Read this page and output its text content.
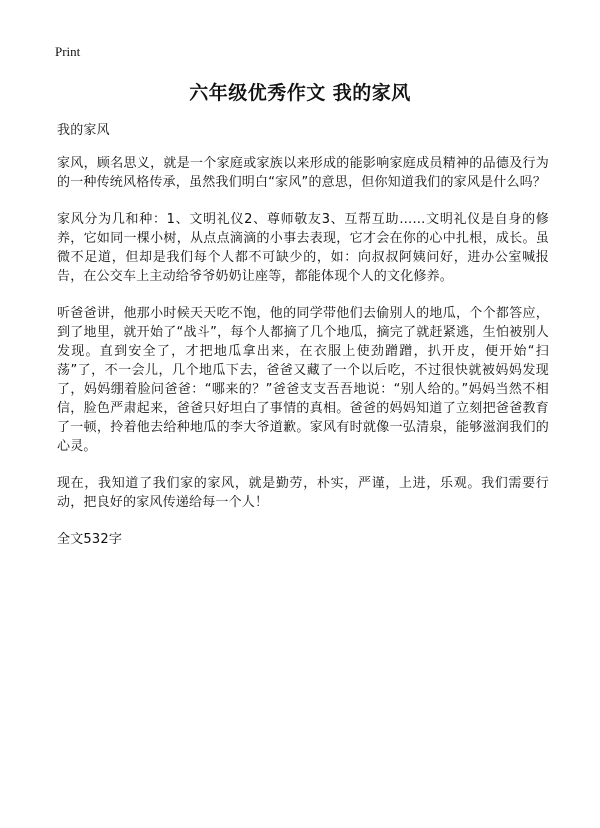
Print
六年级优秀作文 我的家风

我的家风

家风，顾名思义，就是一个家庭或家族以来形成的能影响家庭成员精神的品德及行为的一种传统风格传承，虽然我们明白“家风”的意思，但你知道我们的家风是什么吗？

家风分为几和种：1、文明礼仪2、尊师敬友3、互帮互助……文明礼仪是自身的修养，它如同一棵小树，从点点滴滴的小事去表现，它才会在你的心中扎根，成长。虽微不足道，但却是我们每个人都不可缺少的，如：向叔叔阿姨问好，进办公室喊报告，在公交车上主动给爷爷奶奶让座等，都能体现个人的文化修养。

听爸爸讲，他那小时候天天吃不饱，他的同学带他们去偷别人的地瓜，个个都答应，到了地里，就开始了“战斗”，每个人都摘了几个地瓜，摘完了就赶紧逃，生怕被别人发现。直到安全了，才把地瓜拿出来，在衣服上使劲蹭蹭，扒开皮，便开始“扫荡”了，不一会儿，几个地瓜下去，爸爸又藏了一个以后吃，不过很快就被妈妈发现了，妈妈绷着脸问爸爸：“哪来的？”爸爸支支吾吾地说：“别人给的。”妈妈当然不相信，脸色严肃起来，爸爸只好坦白了事情的真相。爸爸的妈妈知道了立刻把爸爸教育了一顿，拎着他去给种地瓜的李大爷道歉。家风有时就像一弘清泉，能够滋润我们的心灵。

现在，我知道了我们家的家风，就是勤劳，朴实，严谨，上进，乐观。我们需要行动，把良好的家风传递给每一个人！

全文532字
